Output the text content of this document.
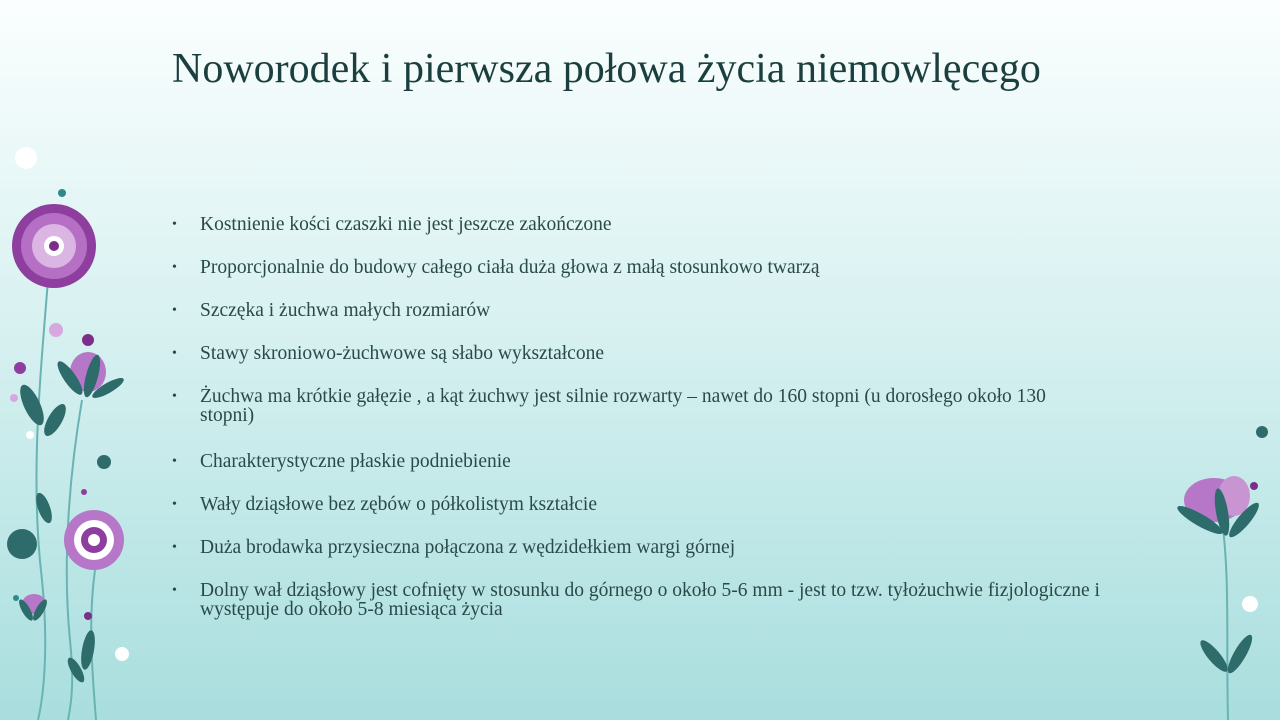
Noworodek i pierwsza połowa życia niemowlęcego
• Kostnienie kości czaszki nie jest jeszcze zakończone
• Proporcjonalnie do budowy całego ciała duża głowa z małą stosunkowo twarzą
• Szczęka i żuchwa małych rozmiarów
• Stawy skroniowo-żuchwowe są słabo wykształcone
• Żuchwa ma krótkie gałęzie , a kąt żuchwy jest silnie rozwarty – nawet do 160 stopni (u dorosłego około 130 stopni)
• Charakterystyczne płaskie podniebienie
• Wały dziąsłowe bez zębów o półkolistym kształcie
• Duża brodawka przysieczna połączona z wędzidełkiem wargi górnej
• Dolny wał dziąsłowy jest cofnięty w stosunku do górnego o około 5-6 mm - jest to tzw. tyłożuchwie fizjologiczne i występuje do około 5-8 miesiąca życia
